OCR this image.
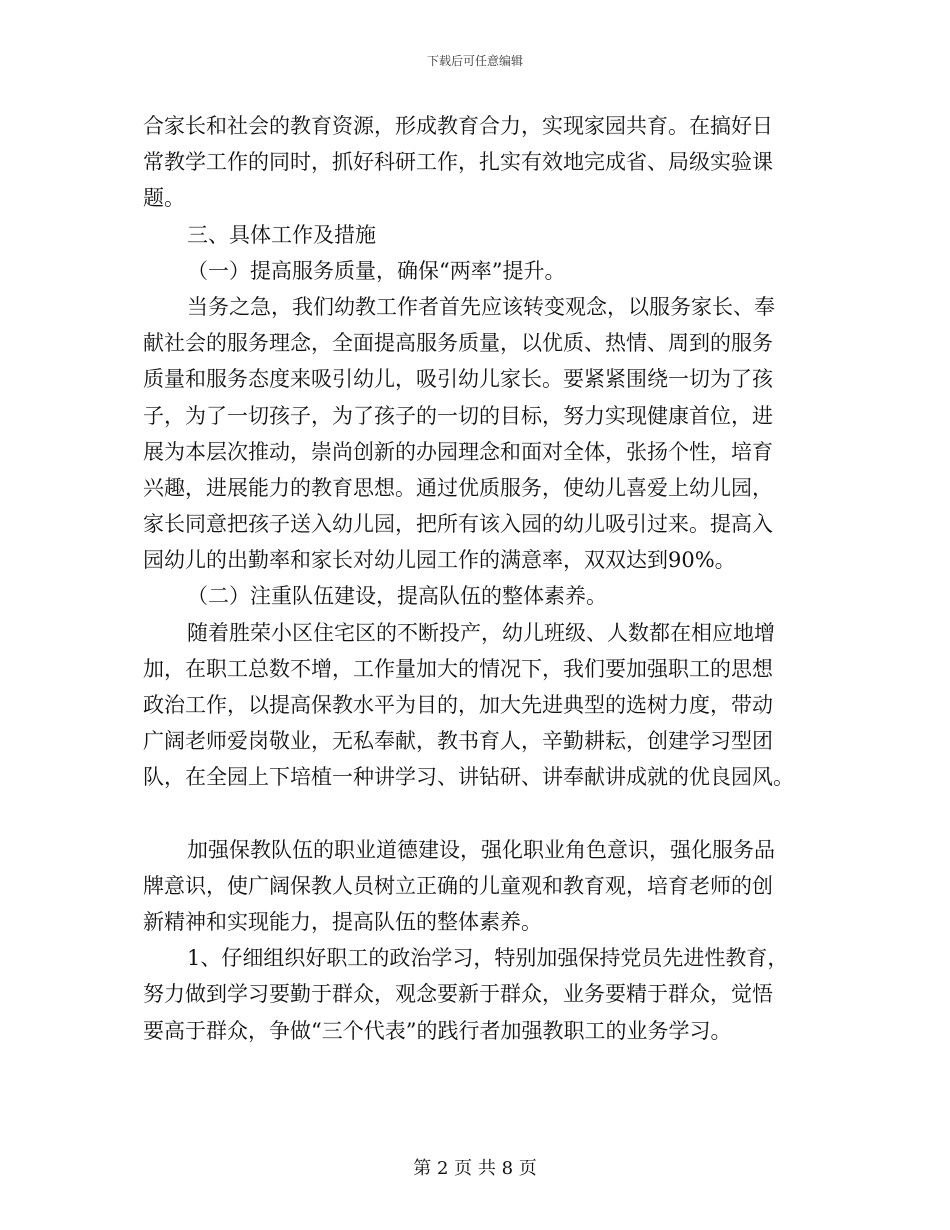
下载后可任意编辑
合家长和社会的教育资源，形成教育合力，实现家园共育。在搞好日
常教学工作的同时，抓好科研工作，扎实有效地完成省、局级实验课
题。
三、具体工作及措施
（一）提高服务质量，确保“两率”提升。
当务之急，我们幼教工作者首先应该转变观念，以服务家长、奉
献社会的服务理念，全面提高服务质量，以优质、热情、周到的服务
质量和服务态度来吸引幼儿，吸引幼儿家长。要紧紧围绕一切为了孩
子，为了一切孩子，为了孩子的一切的目标，努力实现健康首位，进
展为本层次推动，崇尚创新的办园理念和面对全体，张扬个性，培育
兴趣，进展能力的教育思想。通过优质服务，使幼儿喜爱上幼儿园，
家长同意把孩子送入幼儿园，把所有该入园的幼儿吸引过来。提高入
园幼儿的出勤率和家长对幼儿园工作的满意率，双双达到90%。
（二）注重队伍建设，提高队伍的整体素养。
随着胜荣小区住宅区的不断投产，幼儿班级、人数都在相应地增
加，在职工总数不增，工作量加大的情况下，我们要加强职工的思想
政治工作，以提高保教水平为目的，加大先进典型的选树力度，带动
广阔老师爱岗敬业，无私奉献，教书育人，辛勤耕耘，创建学习型团
队，在全园上下培植一种讲学习、讲钻研、讲奉献讲成就的优良园风。
加强保教队伍的职业道德建设，强化职业角色意识，强化服务品
牌意识，使广阔保教人员树立正确的儿童观和教育观，培育老师的创
新精神和实现能力，提高队伍的整体素养。
1、仔细组织好职工的政治学习，特别加强保持党员先进性教育，
努力做到学习要勤于群众，观念要新于群众，业务要精于群众，觉悟
要高于群众，争做“三个代表”的践行者加强教职工的业务学习。
第 2 页 共 8 页
